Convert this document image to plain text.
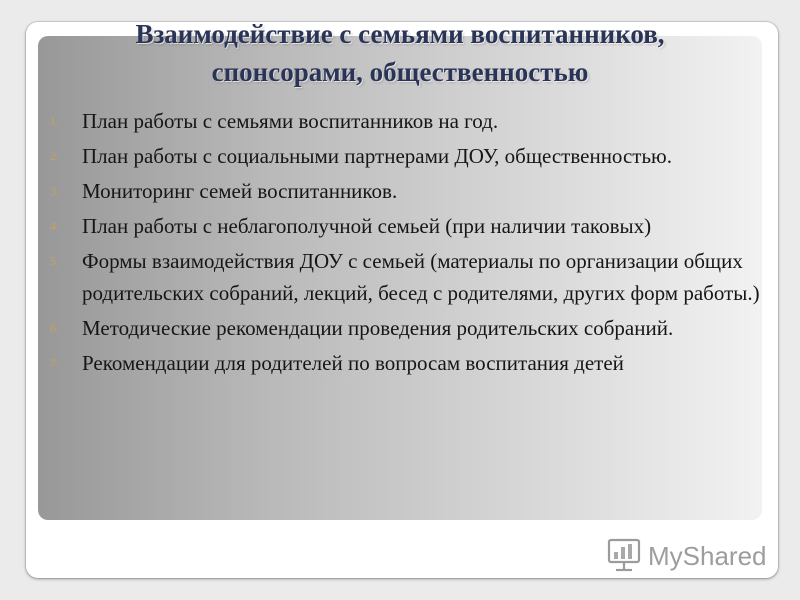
Взаимодействие с семьями воспитанников,
спонсорами, общественностью
1.	План работы с семьями воспитанников на год.
2.	План работы с социальными партнерами ДОУ, общественностью.
3.	Мониторинг семей воспитанников.
4.	План работы с неблагополучной семьей (при наличии таковых)
5.	Формы взаимодействия ДОУ с семьей (материалы по организации общих родительских собраний, лекций, бесед с родителями, других форм работы.)
6.	Методические рекомендации проведения родительских собраний.
7.	Рекомендации для родителей по вопросам воспитания детей
MyShared
